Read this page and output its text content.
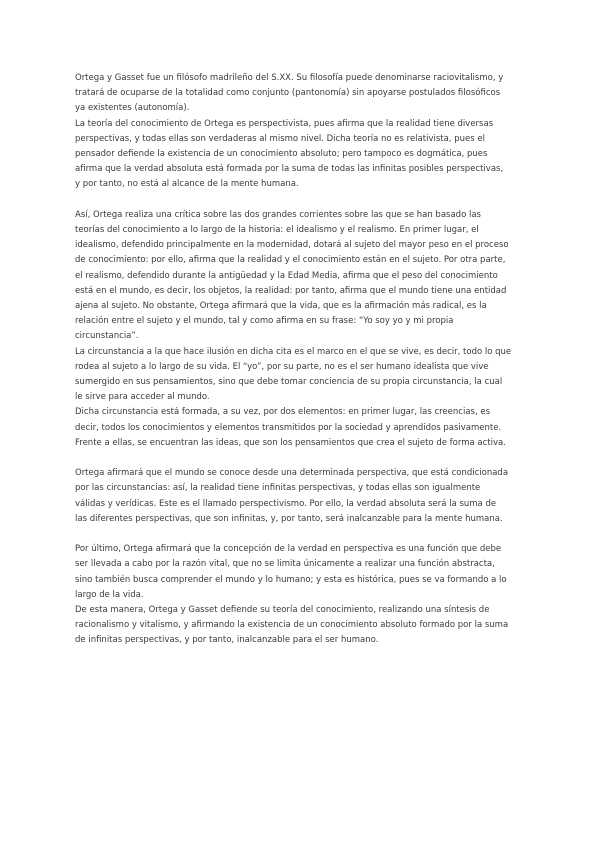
Ortega y Gasset fue un filósofo madrileño del S.XX. Su filosofía puede denominarse raciovitalismo, y
tratará de ocuparse de la totalidad como conjunto (pantonomía) sin apoyarse postulados filosóficos
ya existentes (autonomía).
La teoría del conocimiento de Ortega es perspectivista, pues afirma que la realidad tiene diversas
perspectivas, y todas ellas son verdaderas al mismo nivel. Dicha teoría no es relativista, pues el
pensador defiende la existencia de un conocimiento absoluto; pero tampoco es dogmática, pues
afirma que la verdad absoluta está formada por la suma de todas las infinitas posibles perspectivas,
y por tanto, no está al alcance de la mente humana.
Así, Ortega realiza una crítica sobre las dos grandes corrientes sobre las que se han basado las
teorías del conocimiento a lo largo de la historia: el idealismo y el realismo. En primer lugar, el
idealismo, defendido principalmente en la modernidad, dotará al sujeto del mayor peso en el proceso
de conocimiento: por ello, afirma que la realidad y el conocimiento están en el sujeto. Por otra parte,
el realismo, defendido durante la antigüedad y la Edad Media, afirma que el peso del conocimiento
está en el mundo, es decir, los objetos, la realidad: por tanto, afirma que el mundo tiene una entidad
ajena al sujeto. No obstante, Ortega afirmará que la vida, que es la afirmación más radical, es la
relación entre el sujeto y el mundo, tal y como afirma en su frase: “Yo soy yo y mi propia
circunstancia”.
La circunstancia a la que hace ilusión en dicha cita es el marco en el que se vive, es decir, todo lo que
rodea al sujeto a lo largo de su vida. El “yo”, por su parte, no es el ser humano idealista que vive
sumergido en sus pensamientos, sino que debe tomar conciencia de su propia circunstancia, la cual
le sirve para acceder al mundo.
Dicha circunstancia está formada, a su vez, por dos elementos: en primer lugar, las creencias, es
decir, todos los conocimientos y elementos transmitidos por la sociedad y aprendidos pasivamente.
Frente a ellas, se encuentran las ideas, que son los pensamientos que crea el sujeto de forma activa.
Ortega afirmará que el mundo se conoce desde una determinada perspectiva, que está condicionada
por las circunstancias: así, la realidad tiene infinitas perspectivas, y todas ellas son igualmente
válidas y verídicas. Este es el llamado perspectivismo. Por ello, la verdad absoluta será la suma de
las diferentes perspectivas, que son infinitas, y, por tanto, será inalcanzable para la mente humana.
Por último, Ortega afirmará que la concepción de la verdad en perspectiva es una función que debe
ser llevada a cabo por la razón vital, que no se limita únicamente a realizar una función abstracta,
sino también busca comprender el mundo y lo humano; y esta es histórica, pues se va formando a lo
largo de la vida.
De esta manera, Ortega y Gasset defiende su teoría del conocimiento, realizando una síntesis de
racionalismo y vitalismo, y afirmando la existencia de un conocimiento absoluto formado por la suma
de infinitas perspectivas, y por tanto, inalcanzable para el ser humano.
